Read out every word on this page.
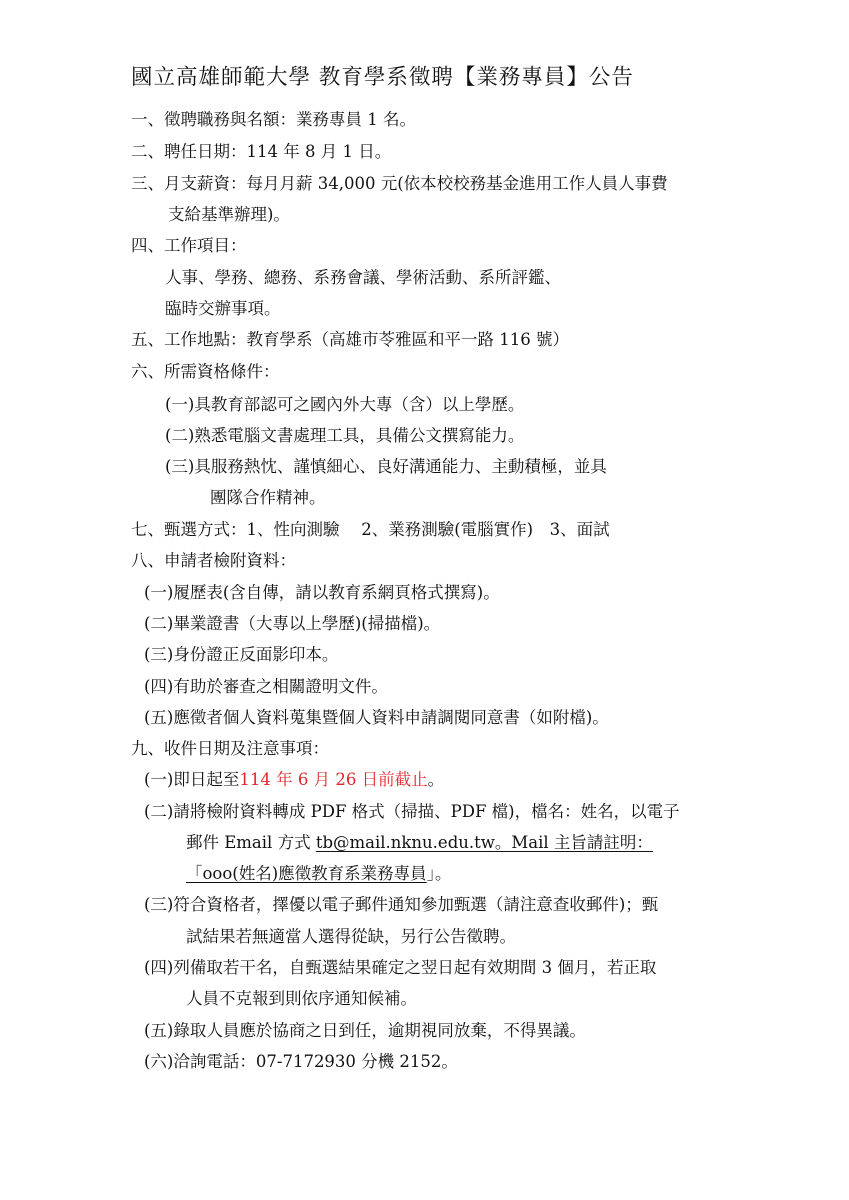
國立高雄師範大學 教育學系徵聘【業務專員】公告
一、徵聘職務與名額：業務專員 1 名。
二、聘任日期：114 年 8 月 1 日。
三、月支薪資：每月月薪 34,000 元(依本校校務基金進用工作人員人事費
支給基準辦理)。
四、工作項目：
人事、學務、總務、系務會議、學術活動、系所評鑑、
臨時交辦事項。
五、工作地點：教育學系（高雄市苓雅區和平一路 116 號）
六、所需資格條件：
(一)具教育部認可之國內外大專（含）以上學歷。
(二)熟悉電腦文書處理工具，具備公文撰寫能力。
(三)具服務熱忱、謹慎細心、良好溝通能力、主動積極，並具
團隊合作精神。
七、甄選方式：1、性向測驗　 2、業務測驗(電腦實作)　3、面試
八、申請者檢附資料：
(一)履歷表(含自傳，請以教育系網頁格式撰寫)。
(二)畢業證書（大專以上學歷)(掃描檔)。
(三)身份證正反面影印本。
(四)有助於審查之相關證明文件。
(五)應徵者個人資料蒐集暨個人資料申請調閱同意書（如附檔)。
九、收件日期及注意事項：
(一)即日起至114 年 6 月 26 日前截止。
(二)請將檢附資料轉成 PDF 格式（掃描、PDF 檔)，檔名：姓名，以電子
郵件 Email 方式 tb@mail.nknu.edu.tw。Mail 主旨請註明：
「ooo(姓名)應徵教育系業務專員」。
(三)符合資格者，擇優以電子郵件通知參加甄選（請注意查收郵件)；甄
試結果若無適當人選得從缺，另行公告徵聘。
(四)列備取若干名，自甄選結果確定之翌日起有效期間 3 個月，若正取
人員不克報到則依序通知候補。
(五)錄取人員應於協商之日到任，逾期視同放棄，不得異議。
(六)洽詢電話：07-7172930 分機 2152。
